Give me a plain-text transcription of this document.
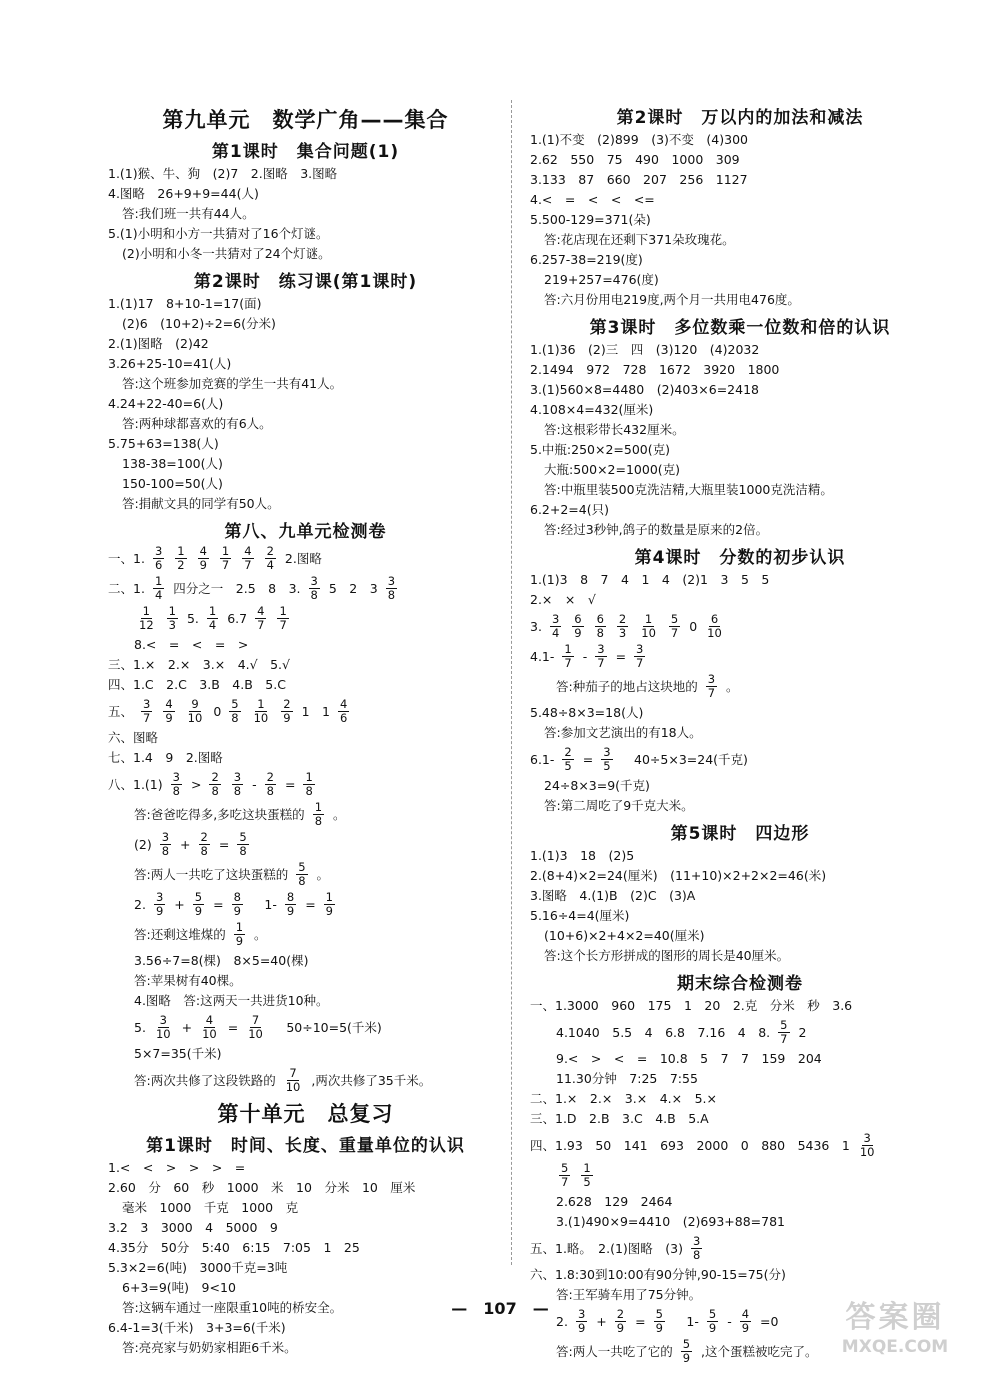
第九单元　数学广角——集合
第1课时　集合问题(1)
1.(1)猴、牛、狗　(2)7　2.图略　3.图略
4.图略　26+9+9=44(人)
答:我们班一共有44人。
5.(1)小明和小方一共猜对了16个灯谜。
(2)小明和小冬一共猜对了24个灯谜。
第2课时　练习课(第1课时)
1.(1)17　8+10-1=17(面)
(2)6　(10+2)÷2=6(分米)
2.(1)图略　(2)42
3.26+25-10=41(人)
答:这个班参加竞赛的学生一共有41人。
4.24+22-40=6(人)
答:两种球都喜欢的有6人。
5.75+63=138(人)
138-38=100(人)
150-100=50(人)
答:捐献文具的同学有50人。
第八、九单元检测卷
一、1. $\frac{3}{6} \frac{1}{2} \frac{4}{9} \frac{1}{7} \frac{4}{7} \frac{2}{4} 2$.图略
二、1. $\frac{1}{4}$ 四分之一　2.5　8　3. $\frac{3}{8} 5$　2　$3 \frac{3}{8}$
$\frac{1}{12} \frac{1}{3} 5$. $\frac{1}{4} 6.7 \frac{4}{7} \frac{1}{7}$
8.<　=　<　=　>
三、1.×　2.×　3.×　4.√　5.√
四、1.C　2.C　3.B　4.B　5.C
五、 $\frac{3}{7} \frac{4}{9} \frac{9}{10} 0 \frac{5}{8} \frac{1}{10} \frac{2}{9} 1$　$1 \frac{4}{6}$
六、图略
七、1.4　9　2.图略
八、$1.(1) \frac{3}{8} > \frac{2}{8} \frac{3}{8} - \frac{2}{8} = \frac{1}{8}$
答:爸爸吃得多,多吃这块蛋糕的 $\frac{1}{8}$ 。
$(2) \frac{3}{8} + \frac{2}{8} = \frac{5}{8}$
答:两人一共吃了这块蛋糕的 $\frac{5}{8}$ 。
2. $\frac{3}{9} + \frac{5}{9} = \frac{8}{9}$ 　$1- \frac{8}{9} = \frac{1}{9}$
答:还剩这堆煤的 $\frac{1}{9}$ 。
3.56÷7=8(棵)　8×5=40(棵)
答:苹果树有40棵。
4.图略　答:这两天一共进货10种。
5. $\frac{3}{10} + \frac{4}{10} = \frac{7}{10}$ 　50÷10=5(千米)
5×7=35(千米)
答:两次共修了这段铁路的 $\frac{7}{10}$ ,两次共修了35千米。
第十单元　总复习
第1课时　时间、长度、重量单位的认识
1.<　<　>　>　>　=
2.60　分　60　秒　1000　米　10　分米　10　厘米
毫米　1000　千克　1000　克
3.2　3　3000　4　5000　9
4.35分　50分　5:40　6:15　7:05　1　25
5.3×2=6(吨)　3000千克=3吨
6+3=9(吨)　9<10
答:这辆车通过一座限重10吨的桥安全。
6.4-1=3(千米)　3+3=6(千米)
答:亮亮家与奶奶家相距6千米。
第2课时　万以内的加法和减法
1.(1)不变　(2)899　(3)不变　(4)300
2.62　550　75　490　1000　309
3.133　87　660　207　256　1127
4.<　=　<　<　<=
5.500-129=371(朵)
答:花店现在还剩下371朵玫瑰花。
6.257-38=219(度)
219+257=476(度)
答:六月份用电219度,两个月一共用电476度。
第3课时　多位数乘一位数和倍的认识
1.(1)36　(2)三　四　(3)120　(4)2032
2.1494　972　728　1672　3920　1800
3.(1)560×8=4480　(2)403×6=2418
4.108×4=432(厘米)
答:这根彩带长432厘米。
5.中瓶:250×2=500(克)
大瓶:500×2=1000(克)
答:中瓶里装500克洗洁精,大瓶里装1000克洗洁精。
6.2+2=4(只)
答:经过3秒钟,鸽子的数量是原来的2倍。
第4课时　分数的初步认识
1.(1)3　8　7　4　1　4　(2)1　3　5　5
2.×　×　√
3. $\frac{3}{4} \frac{6}{9} \frac{6}{8} \frac{2}{3} \frac{1}{10} \frac{5}{7} 0 \frac{6}{10}$
$4.1- \frac{1}{7} - \frac{3}{7} = \frac{3}{7}$
答:种茄子的地占这块地的 $\frac{3}{7}$ 。
5.48÷8×3=18(人)
答:参加文艺演出的有18人。
$6.1- \frac{2}{5} = \frac{3}{5}$ 　40÷5×3=24(千克)
24÷8×3=9(千克)
答:第二周吃了9千克大米。
第5课时　四边形
1.(1)3　18　(2)5
2.(8+4)×2=24(厘米)　(11+10)×2+2×2=46(米)
3.图略　4.(1)B　(2)C　(3)A
5.16÷4=4(厘米)
(10+6)×2+4×2=40(厘米)
答:这个长方形拼成的图形的周长是40厘米。
期末综合检测卷
一、1.3000　960　175　1　20　2.克　分米　秒　3.6
4.1040　5.5　4　6.8　7.16　4　8. $\frac{5}{7} 2$
9.<　>　<　=　10.8　5　7　7　159　204
11.30分钟　7:25　7:55
二、1.×　2.×　3.×　4.×　5.×
三、1.D　2.B　3.C　4.B　5.A
四、1.93　50　141　693　2000　0　880　5436　$1 \frac{3}{10}$
$\frac{5}{7} \frac{1}{5}$
2.628　129　2464
3.(1)490×9=4410　(2)693+88=781
五、1.略。　2.(1)图略　$(3) \frac{3}{8}$
六、1.8:30到10:00有90分钟,90-15=75(分)
答:王军骑车用了75分钟。
2. $\frac{3}{9} + \frac{2}{9} = \frac{5}{9}$ 　$1- \frac{5}{9} - \frac{4}{9} =0$
答:两人一共吃了它的 $\frac{5}{9}$ ,这个蛋糕被吃完了。
—　107　—	答案圈
MXQE.COM
